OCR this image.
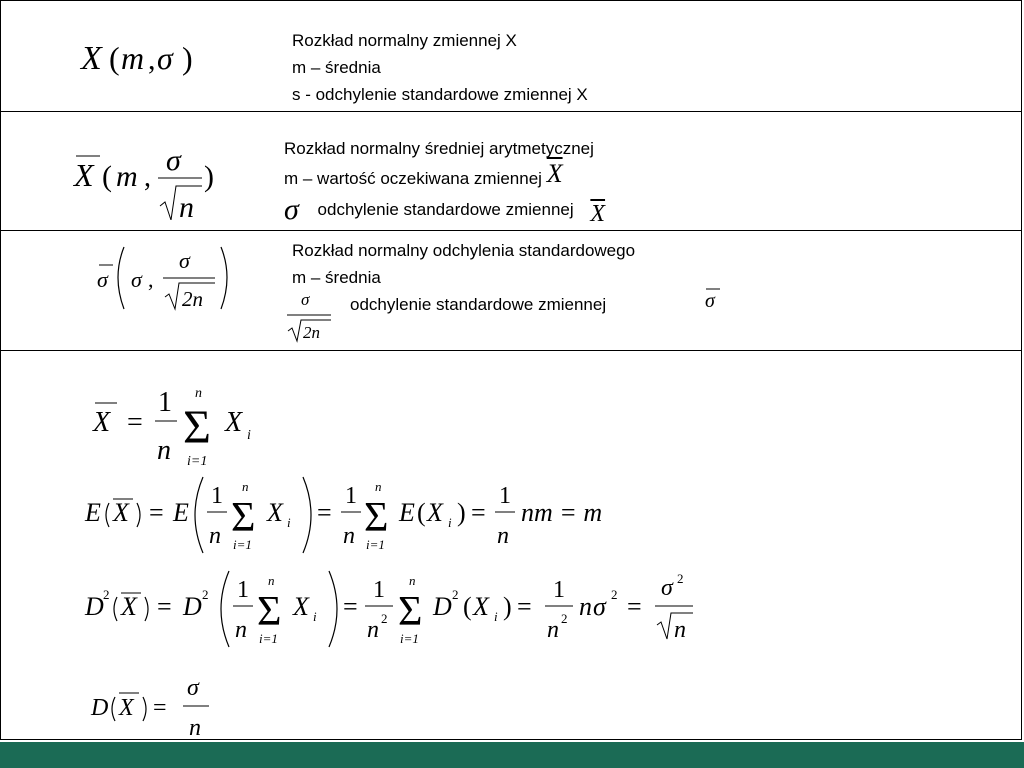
X ( m , σ )	Rozkład normalny zmiennej X
m – średnia
s - odchylenie standardowe zmiennej X
X ( m ,
σ
n
)
Rozkład normalny średniej arytmetycznej
m – wartość oczekiwana zmiennej $\overline{X}$
σ odchylenie standardowe zmiennej $\overline{X}$
σ σ ,
σ
2n
Rozkład normalny odchylenia standardowego
m – średnia
σ
2n
odchylenie standardowe zmiennej	σ
X =
1
n
n
Σ
i=1
X i
E X = E
1
n
n
Σ
i=1
X i =
1
n
n
Σ
i=1
E ( X i ) =
1
n
nm = m
D 2 X = D 2 1
n
n
Σ
i=1
X i =
1
n 2
n
Σ
i=1
D 2 ( X i ) =
1
n 2 n σ 2 =
σ 2
n
D X =
σ
n
